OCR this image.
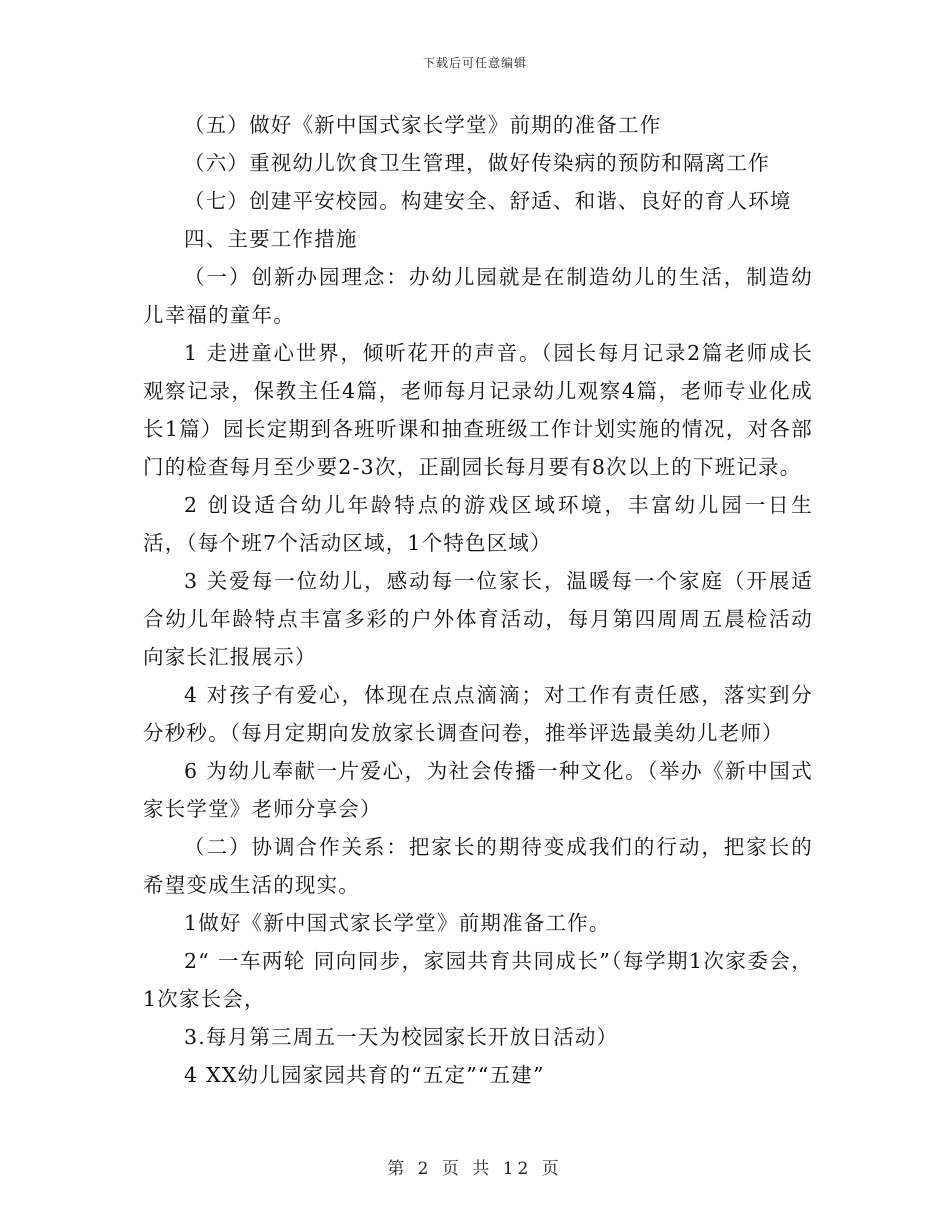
下载后可任意编辑

（五）做好《新中国式家长学堂》前期的准备工作

（六）重视幼儿饮食卫生管理，做好传染病的预防和隔离工作

（七）创建平安校园。构建安全、舒适、和谐、良好的育人环境

四、主要工作措施

（一）创新办园理念：办幼儿园就是在制造幼儿的生活，制造幼儿幸福的童年。

1 走进童心世界，倾听花开的声音。（园长每月记录2篇老师成长观察记录，保教主任4篇，老师每月记录幼儿观察4篇，老师专业化成长1篇）园长定期到各班听课和抽查班级工作计划实施的情况，对各部门的检查每月至少要2-3次，正副园长每月要有8次以上的下班记录。

2 创设适合幼儿年龄特点的游戏区域环境，丰富幼儿园一日生活，（每个班7个活动区域，1个特色区域）

3 关爱每一位幼儿，感动每一位家长，温暖每一个家庭（开展适合幼儿年龄特点丰富多彩的户外体育活动，每月第四周周五晨检活动向家长汇报展示）

4 对孩子有爱心，体现在点点滴滴；对工作有责任感，落实到分分秒秒。（每月定期向发放家长调查问卷，推举评选最美幼儿老师）

6 为幼儿奉献一片爱心，为社会传播一种文化。（举办《新中国式家长学堂》老师分享会）

（二）协调合作关系：把家长的期待变成我们的行动，把家长的希望变成生活的现实。

1做好《新中国式家长学堂》前期准备工作。

2“ 一车两轮 同向同步，家园共育共同成长”（每学期1次家委会，1次家长会，

3.每月第三周五一天为校园家长开放日活动）

4 XX幼儿园家园共育的“五定”“五建”

第 2 页 共 12 页
